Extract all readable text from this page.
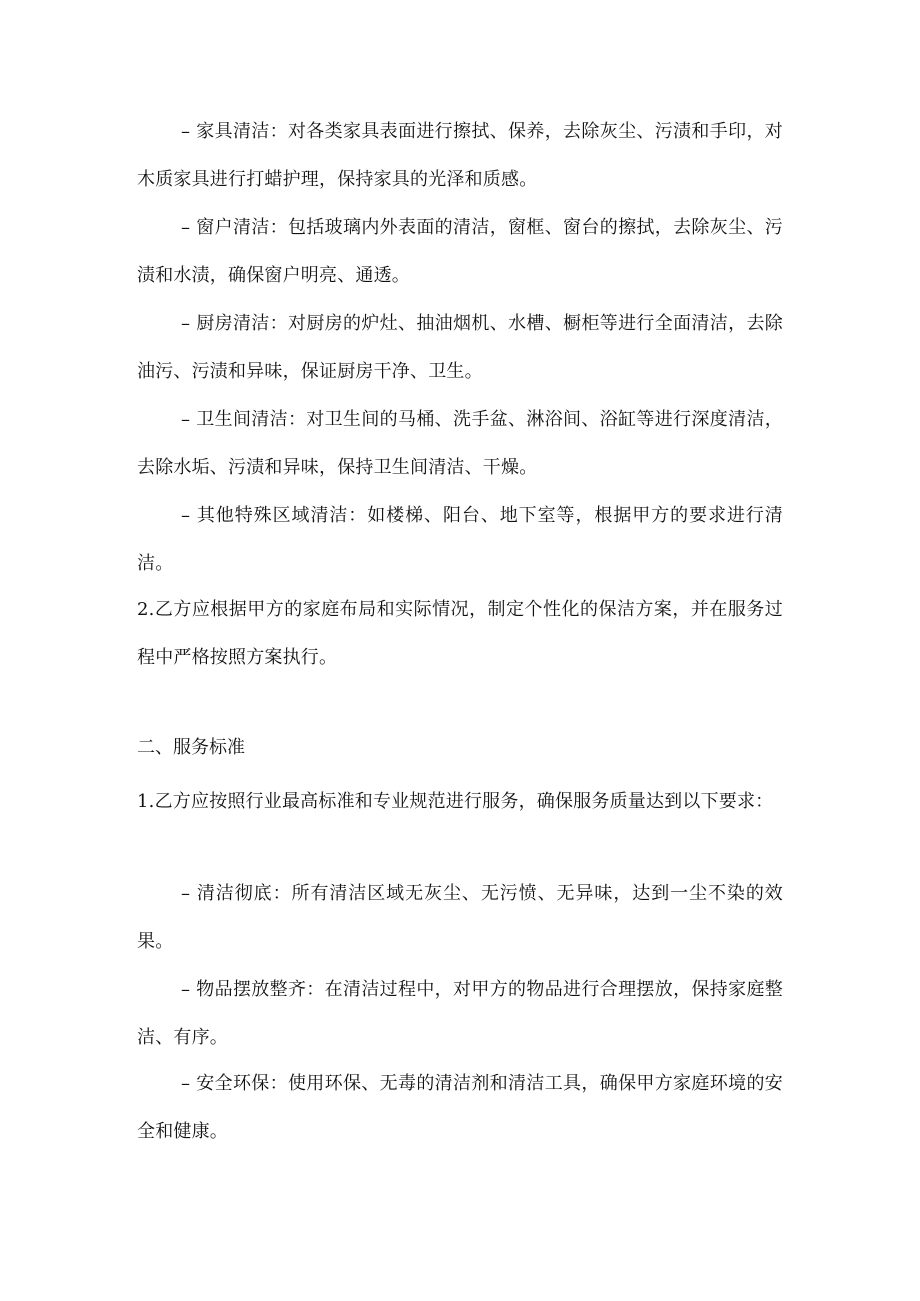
– 家具清洁：对各类家具表面进行擦拭、保养，去除灰尘、污渍和手印，对木质家具进行打蜡护理，保持家具的光泽和质感。

– 窗户清洁：包括玻璃内外表面的清洁，窗框、窗台的擦拭，去除灰尘、污渍和水渍，确保窗户明亮、通透。

– 厨房清洁：对厨房的炉灶、抽油烟机、水槽、橱柜等进行全面清洁，去除油污、污渍和异味，保证厨房干净、卫生。

– 卫生间清洁：对卫生间的马桶、洗手盆、淋浴间、浴缸等进行深度清洁，去除水垢、污渍和异味，保持卫生间清洁、干燥。

– 其他特殊区域清洁：如楼梯、阳台、地下室等，根据甲方的要求进行清洁。

2.乙方应根据甲方的家庭布局和实际情况，制定个性化的保洁方案，并在服务过程中严格按照方案执行。

二、服务标准

1.乙方应按照行业最高标准和专业规范进行服务，确保服务质量达到以下要求：

– 清洁彻底：所有清洁区域无灰尘、无污愤、无异味，达到一尘不染的效果。

– 物品摆放整齐：在清洁过程中，对甲方的物品进行合理摆放，保持家庭整洁、有序。

– 安全环保：使用环保、无毒的清洁剂和清洁工具，确保甲方家庭环境的安全和健康。
